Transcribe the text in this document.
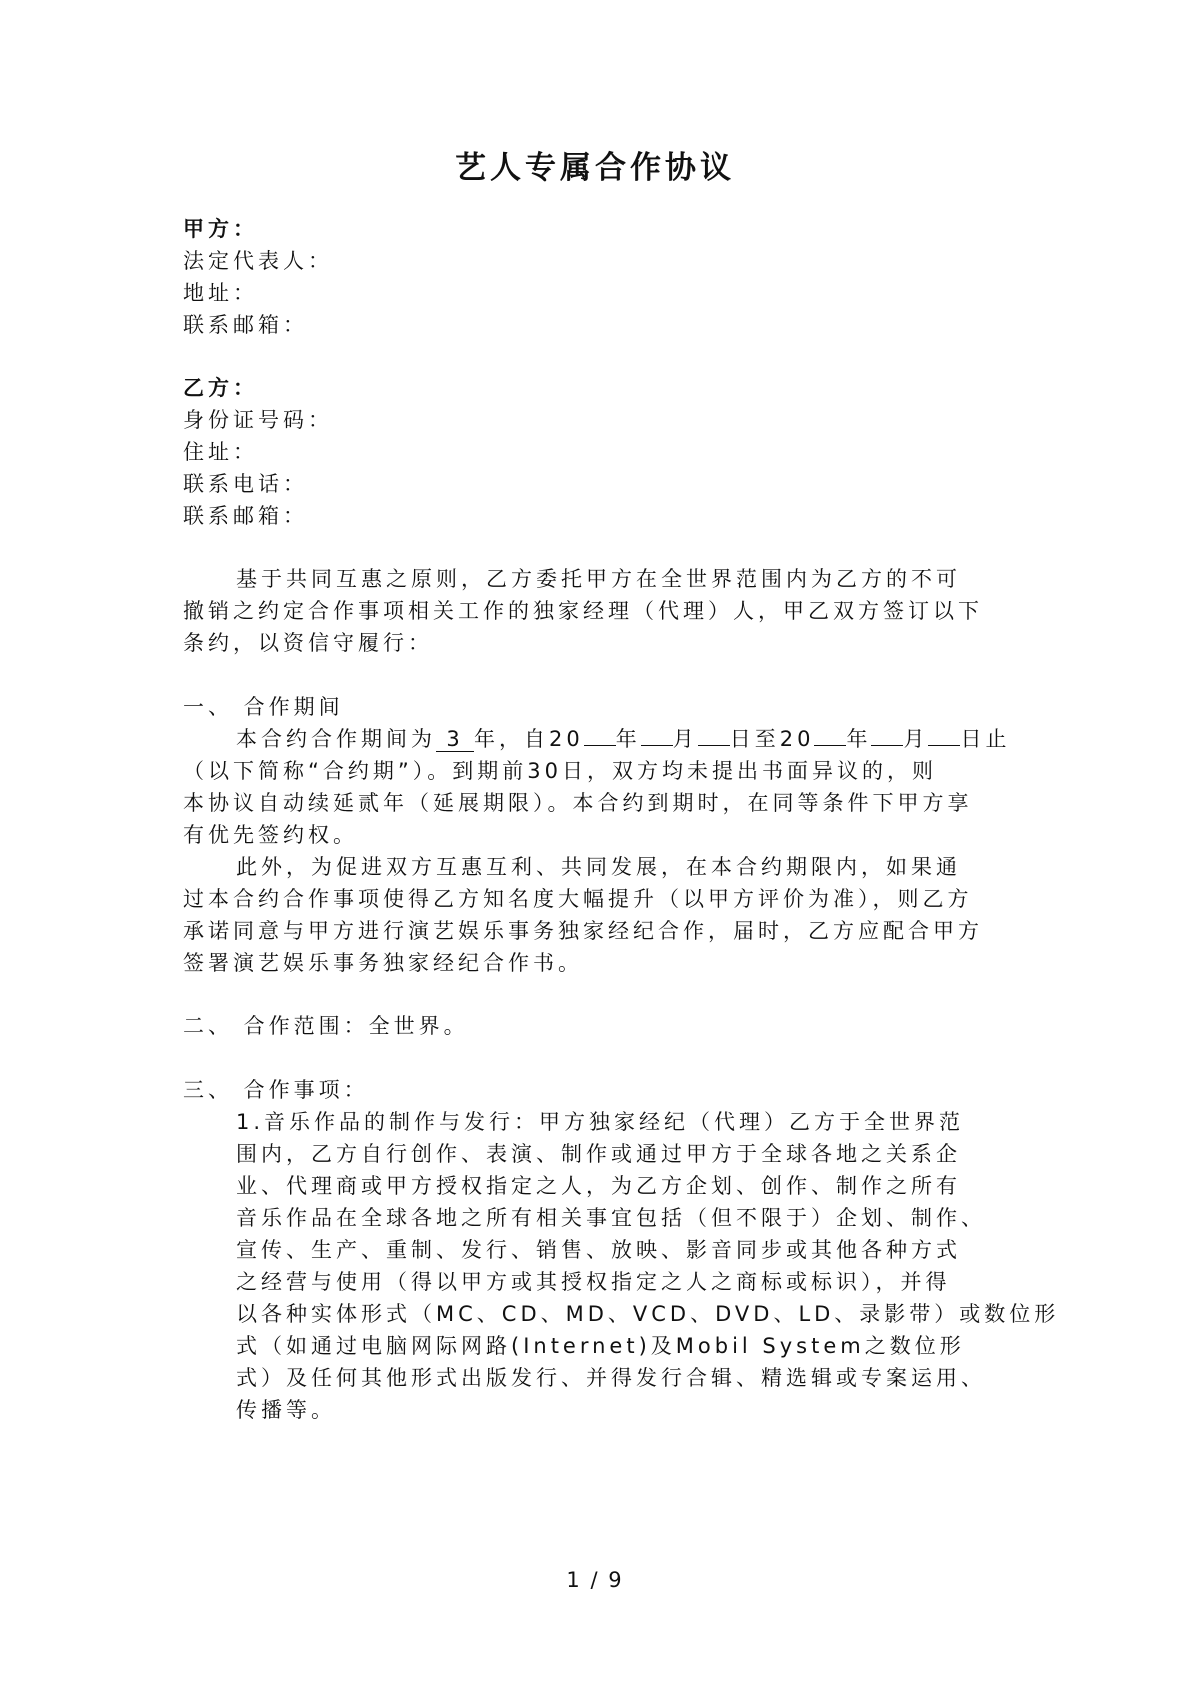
艺人专属合作协议
甲方：
法定代表人：
地址：
联系邮箱：
乙方：
身份证号码：
住址：
联系电话：
联系邮箱：
基于共同互惠之原则，乙方委托甲方在全世界范围内为乙方的不可
撤销之约定合作事项相关工作的独家经理（代理）人，甲乙双方签订以下
条约，以资信守履行：
一、 合作期间
本合约合作期间为 3 年，自20 年 月 日至20 年 月 日止
（以下简称“合约期”）。到期前30日，双方均未提出书面异议的，则
本协议自动续延贰年（延展期限）。本合约到期时，在同等条件下甲方享
有优先签约权。
此外，为促进双方互惠互利、共同发展，在本合约期限内，如果通
过本合约合作事项使得乙方知名度大幅提升（以甲方评价为准），则乙方
承诺同意与甲方进行演艺娱乐事务独家经纪合作，届时，乙方应配合甲方
签署演艺娱乐事务独家经纪合作书。
二、 合作范围：全世界。
三、 合作事项：
1.音乐作品的制作与发行：甲方独家经纪（代理）乙方于全世界范
围内，乙方自行创作、表演、制作或通过甲方于全球各地之关系企
业、代理商或甲方授权指定之人，为乙方企划、创作、制作之所有
音乐作品在全球各地之所有相关事宜包括（但不限于）企划、制作、
宣传、生产、重制、发行、销售、放映、影音同步或其他各种方式
之经营与使用（得以甲方或其授权指定之人之商标或标识），并得
以各种实体形式（MC、CD、MD、VCD、DVD、LD、录影带）或数位形
式（如通过电脑网际网路(Internet)及Mobil System之数位形
式）及任何其他形式出版发行、并得发行合辑、精选辑或专案运用、
传播等。
1 / 9
